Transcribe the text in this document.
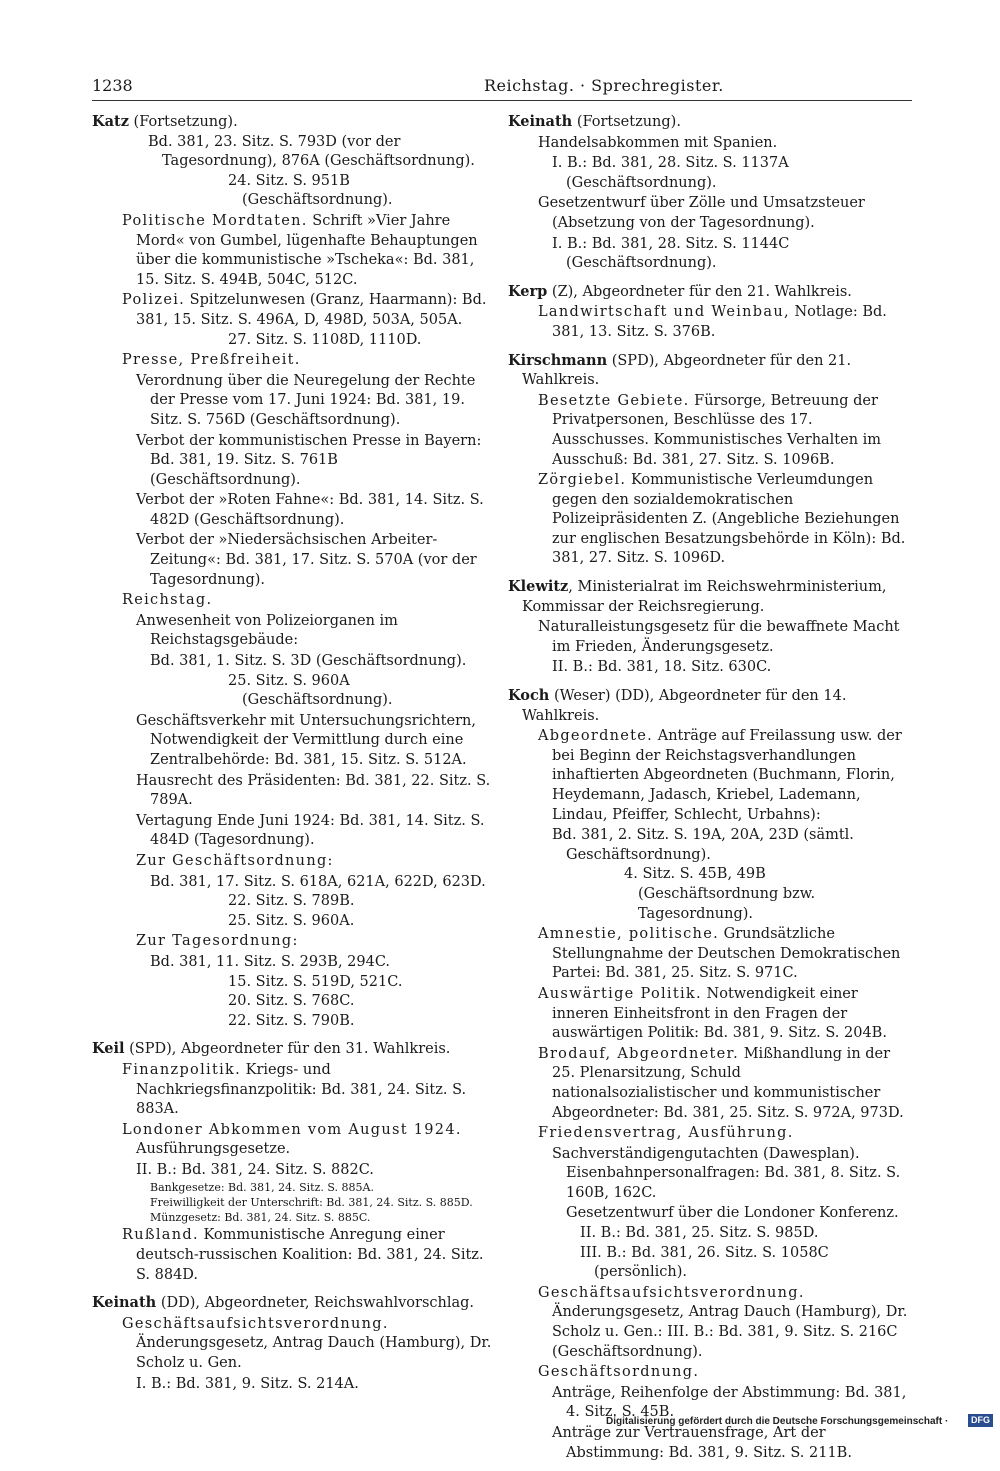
1238	Reichstag. · Sprechregister.
Katz (Fortsetzung).
Bd. 381, 23. Sitz. S. 793D (vor der Tagesordnung), 876A (Geschäftsordnung).
24. Sitz. S. 951B (Geschäftsordnung).
Politische Mordtaten. Schrift »Vier Jahre Mord« von Gumbel, lügenhafte Behauptungen über die kommunistische »Tscheka«: Bd. 381, 15. Sitz. S. 494B, 504C, 512C.
Polizei. Spitzelunwesen (Granz, Haarmann): Bd. 381, 15. Sitz. S. 496A, D, 498D, 503A, 505A.
27. Sitz. S. 1108D, 1110D.
Presse, Preßfreiheit.
Verordnung über die Neuregelung der Rechte der Presse vom 17. Juni 1924: Bd. 381, 19. Sitz. S. 756D (Geschäftsordnung).
Verbot der kommunistischen Presse in Bayern: Bd. 381, 19. Sitz. S. 761B (Geschäftsordnung).
Verbot der »Roten Fahne«: Bd. 381, 14. Sitz. S. 482D (Geschäftsordnung).
Verbot der »Niedersächsischen Arbeiter-Zeitung«: Bd. 381, 17. Sitz. S. 570A (vor der Tagesordnung).
Reichstag.
Anwesenheit von Polizeiorganen im Reichstagsgebäude:
Bd. 381, 1. Sitz. S. 3D (Geschäftsordnung).
25. Sitz. S. 960A (Geschäftsordnung).
Geschäftsverkehr mit Untersuchungsrichtern, Notwendigkeit der Vermittlung durch eine Zentralbehörde: Bd. 381, 15. Sitz. S. 512A.
Hausrecht des Präsidenten: Bd. 381, 22. Sitz. S. 789A.
Vertagung Ende Juni 1924: Bd. 381, 14. Sitz. S. 484D (Tagesordnung).
Zur Geschäftsordnung:
Bd. 381, 17. Sitz. S. 618A, 621A, 622D, 623D.
22. Sitz. S. 789B.
25. Sitz. S. 960A.
Zur Tagesordnung:
Bd. 381, 11. Sitz. S. 293B, 294C.
15. Sitz. S. 519D, 521C.
20. Sitz. S. 768C.
22. Sitz. S. 790B.
Keil (SPD), Abgeordneter für den 31. Wahlkreis.
Finanzpolitik. Kriegs- und Nachkriegsfinanzpolitik: Bd. 381, 24. Sitz. S. 883A.
Londoner Abkommen vom August 1924. Ausführungsgesetze.
II. B.: Bd. 381, 24. Sitz. S. 882C.
Bankgesetze: Bd. 381, 24. Sitz. S. 885A.
Freiwilligkeit der Unterschrift: Bd. 381, 24. Sitz. S. 885D.
Münzgesetz: Bd. 381, 24. Sitz. S. 885C.
Rußland. Kommunistische Anregung einer deutsch-russischen Koalition: Bd. 381, 24. Sitz. S. 884D.
Keinath (DD), Abgeordneter, Reichswahlvorschlag.
Geschäftsaufsichtsverordnung. Änderungsgesetz, Antrag Dauch (Hamburg), Dr. Scholz u. Gen.
I. B.: Bd. 381, 9. Sitz. S. 214A.
Keinath (Fortsetzung).
Handelsabkommen mit Spanien.
I. B.: Bd. 381, 28. Sitz. S. 1137A (Geschäftsordnung).
Gesetzentwurf über Zölle und Umsatzsteuer (Absetzung von der Tagesordnung).
I. B.: Bd. 381, 28. Sitz. S. 1144C (Geschäftsordnung).
Kerp (Z), Abgeordneter für den 21. Wahlkreis.
Landwirtschaft und Weinbau, Notlage: Bd. 381, 13. Sitz. S. 376B.
Kirschmann (SPD), Abgeordneter für den 21. Wahlkreis.
Besetzte Gebiete. Fürsorge, Betreuung der Privatpersonen, Beschlüsse des 17. Ausschusses. Kommunistisches Verhalten im Ausschuß: Bd. 381, 27. Sitz. S. 1096B.
Zörgiebel. Kommunistische Verleumdungen gegen den sozialdemokratischen Polizeipräsidenten Z. (Angebliche Beziehungen zur englischen Besatzungsbehörde in Köln): Bd. 381, 27. Sitz. S. 1096D.
Klewitz, Ministerialrat im Reichswehrministerium, Kommissar der Reichsregierung.
Naturalleistungsgesetz für die bewaffnete Macht im Frieden, Änderungsgesetz.
II. B.: Bd. 381, 18. Sitz. 630C.
Koch (Weser) (DD), Abgeordneter für den 14. Wahlkreis.
Abgeordnete. Anträge auf Freilassung usw. der bei Beginn der Reichstagsverhandlungen inhaftierten Abgeordneten (Buchmann, Florin, Heydemann, Jadasch, Kriebel, Lademann, Lindau, Pfeiffer, Schlecht, Urbahns):
Bd. 381, 2. Sitz. S. 19A, 20A, 23D (sämtl. Geschäftsordnung).
4. Sitz. S. 45B, 49B (Geschäftsordnung bzw. Tagesordnung).
Amnestie, politische. Grundsätzliche Stellungnahme der Deutschen Demokratischen Partei: Bd. 381, 25. Sitz. S. 971C.
Auswärtige Politik. Notwendigkeit einer inneren Einheitsfront in den Fragen der auswärtigen Politik: Bd. 381, 9. Sitz. S. 204B.
Brodauf, Abgeordneter. Mißhandlung in der 25. Plenarsitzung, Schuld nationalsozialistischer und kommunistischer Abgeordneter: Bd. 381, 25. Sitz. S. 972A, 973D.
Friedensvertrag, Ausführung.
Sachverständigengutachten (Dawesplan). Eisenbahnpersonalfragen: Bd. 381, 8. Sitz. S. 160B, 162C.
Gesetzentwurf über die Londoner Konferenz.
II. B.: Bd. 381, 25. Sitz. S. 985D.
III. B.: Bd. 381, 26. Sitz. S. 1058C (persönlich).
Geschäftsaufsichtsverordnung. Änderungsgesetz, Antrag Dauch (Hamburg), Dr. Scholz u. Gen.: III. B.: Bd. 381, 9. Sitz. S. 216C (Geschäftsordnung).
Geschäftsordnung.
Anträge, Reihenfolge der Abstimmung: Bd. 381, 4. Sitz. S. 45B.
Anträge zur Vertrauensfrage, Art der Abstimmung: Bd. 381, 9. Sitz. S. 211B.
Digitalisierung gefördert durch die Deutsche Forschungsgemeinschaft ·	DFG
